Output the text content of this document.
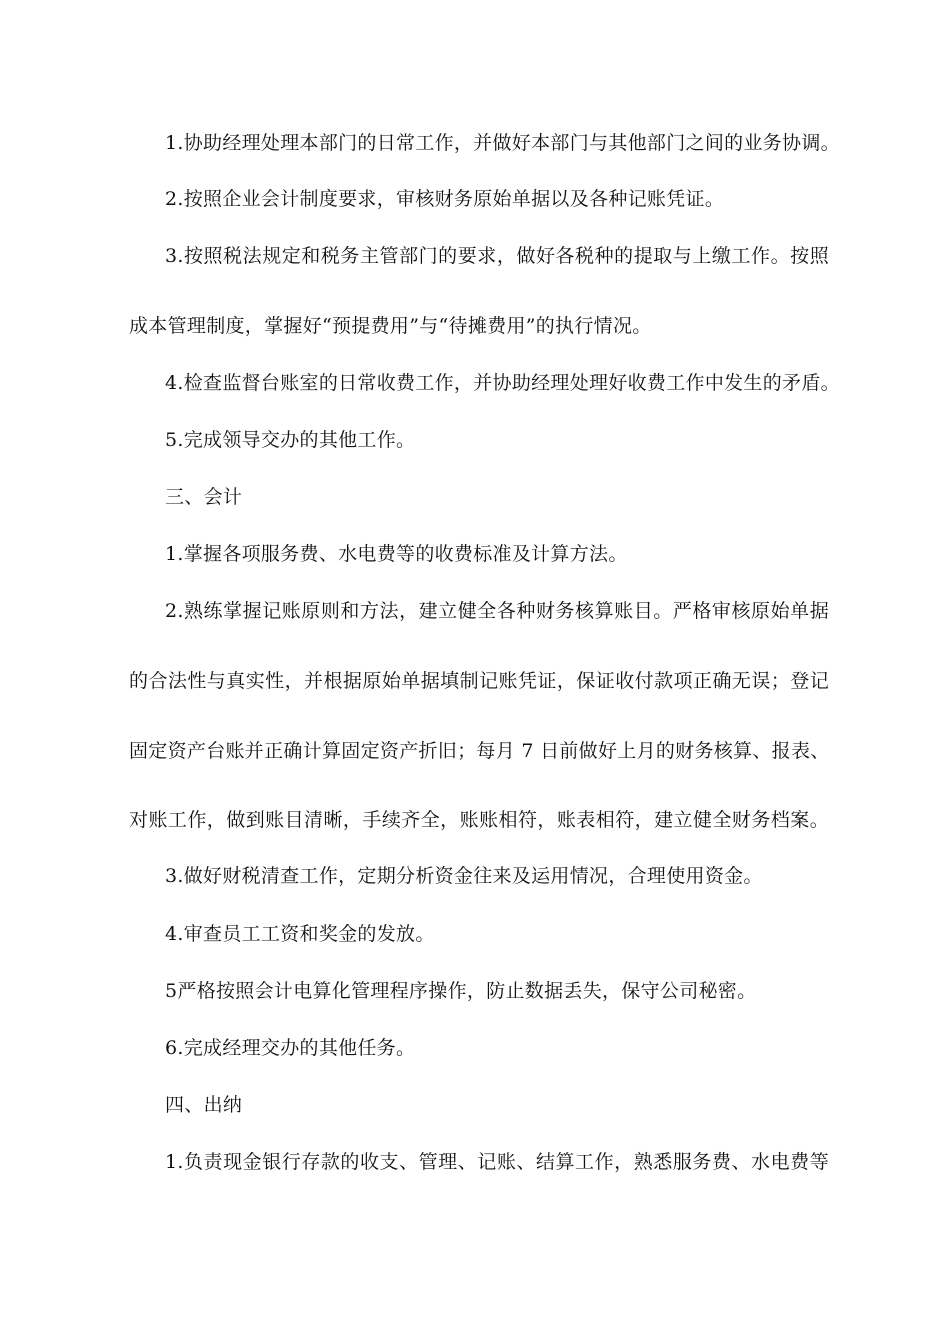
1.协助经理处理本部门的日常工作，并做好本部门与其他部门之间的业务协调。
2.按照企业会计制度要求，审核财务原始单据以及各种记账凭证。
3.按照税法规定和税务主管部门的要求，做好各税种的提取与上缴工作。按照
成本管理制度，掌握好“预提费用”与“待摊费用”的执行情况。
4.检查监督台账室的日常收费工作，并协助经理处理好收费工作中发生的矛盾。
5.完成领导交办的其他工作。
三、会计
1.掌握各项服务费、水电费等的收费标准及计算方法。
2.熟练掌握记账原则和方法，建立健全各种财务核算账目。严格审核原始单据
的合法性与真实性，并根据原始单据填制记账凭证，保证收付款项正确无误；登记
固定资产台账并正确计算固定资产折旧；每月 7 日前做好上月的财务核算、报表、
对账工作，做到账目清晰，手续齐全，账账相符，账表相符，建立健全财务档案。
3.做好财税清查工作，定期分析资金往来及运用情况，合理使用资金。
4.审查员工工资和奖金的发放。
5严格按照会计电算化管理程序操作，防止数据丢失，保守公司秘密。
6.完成经理交办的其他任务。
四、出纳
1.负责现金银行存款的收支、管理、记账、结算工作，熟悉服务费、水电费等
